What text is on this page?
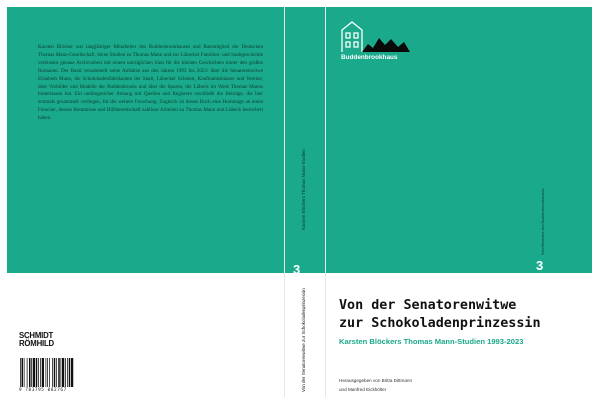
Karsten Blöcker war langjähriger Mitarbeiter des Buddenbrookhauses und Ratsmitglied der Deutschen Thomas Mann-Gesellschaft. Seine Studien zu Thomas Mann und zur Lübecker Familien- und Stadtgeschichte verbinden genaue Archivarbeit mit einem untrüglichen Sinn für die kleinen Geschichten hinter den großen Romanen. Der Band versammelt seine Aufsätze aus den Jahren 1993 bis 2023: über die Senatorenwitwe Elisabeth Mann, die Schokoladenfabrikanten der Stadt, Lübecker Schulen, Kaufmannshäuser und Vereine, über Vorbilder und Modelle der Buddenbrooks und über die Spuren, die Lübeck im Werk Thomas Manns hinterlassen hat. Ein umfangreicher Anhang mit Quellen und Registern erschließt die Beiträge, die hier erstmals gesammelt vorliegen, für die weitere Forschung. Zugleich ist dieses Buch eine Hommage an einen Forscher, dessen Kenntnisse und Hilfsbereitschaft zahllose Arbeiten zu Thomas Mann und Lübeck bereichert haben.
SCHMIDT RÖMHILD
9 783795 082767
Karsten Blöckers Thomas Mann-Studien
3
Von der Senatorenwitwe zur Schokoladenprinzessin
Buddenbrookhaus
Schriftenreihe des Buddenbrookhauses
3
Von der Senatorenwitwe
zur Schokoladenprinzessin
Karsten Blöckers Thomas Mann-Studien 1993-2023
Herausgegeben von Britta Dittmann
und Manfred Eickhölter
